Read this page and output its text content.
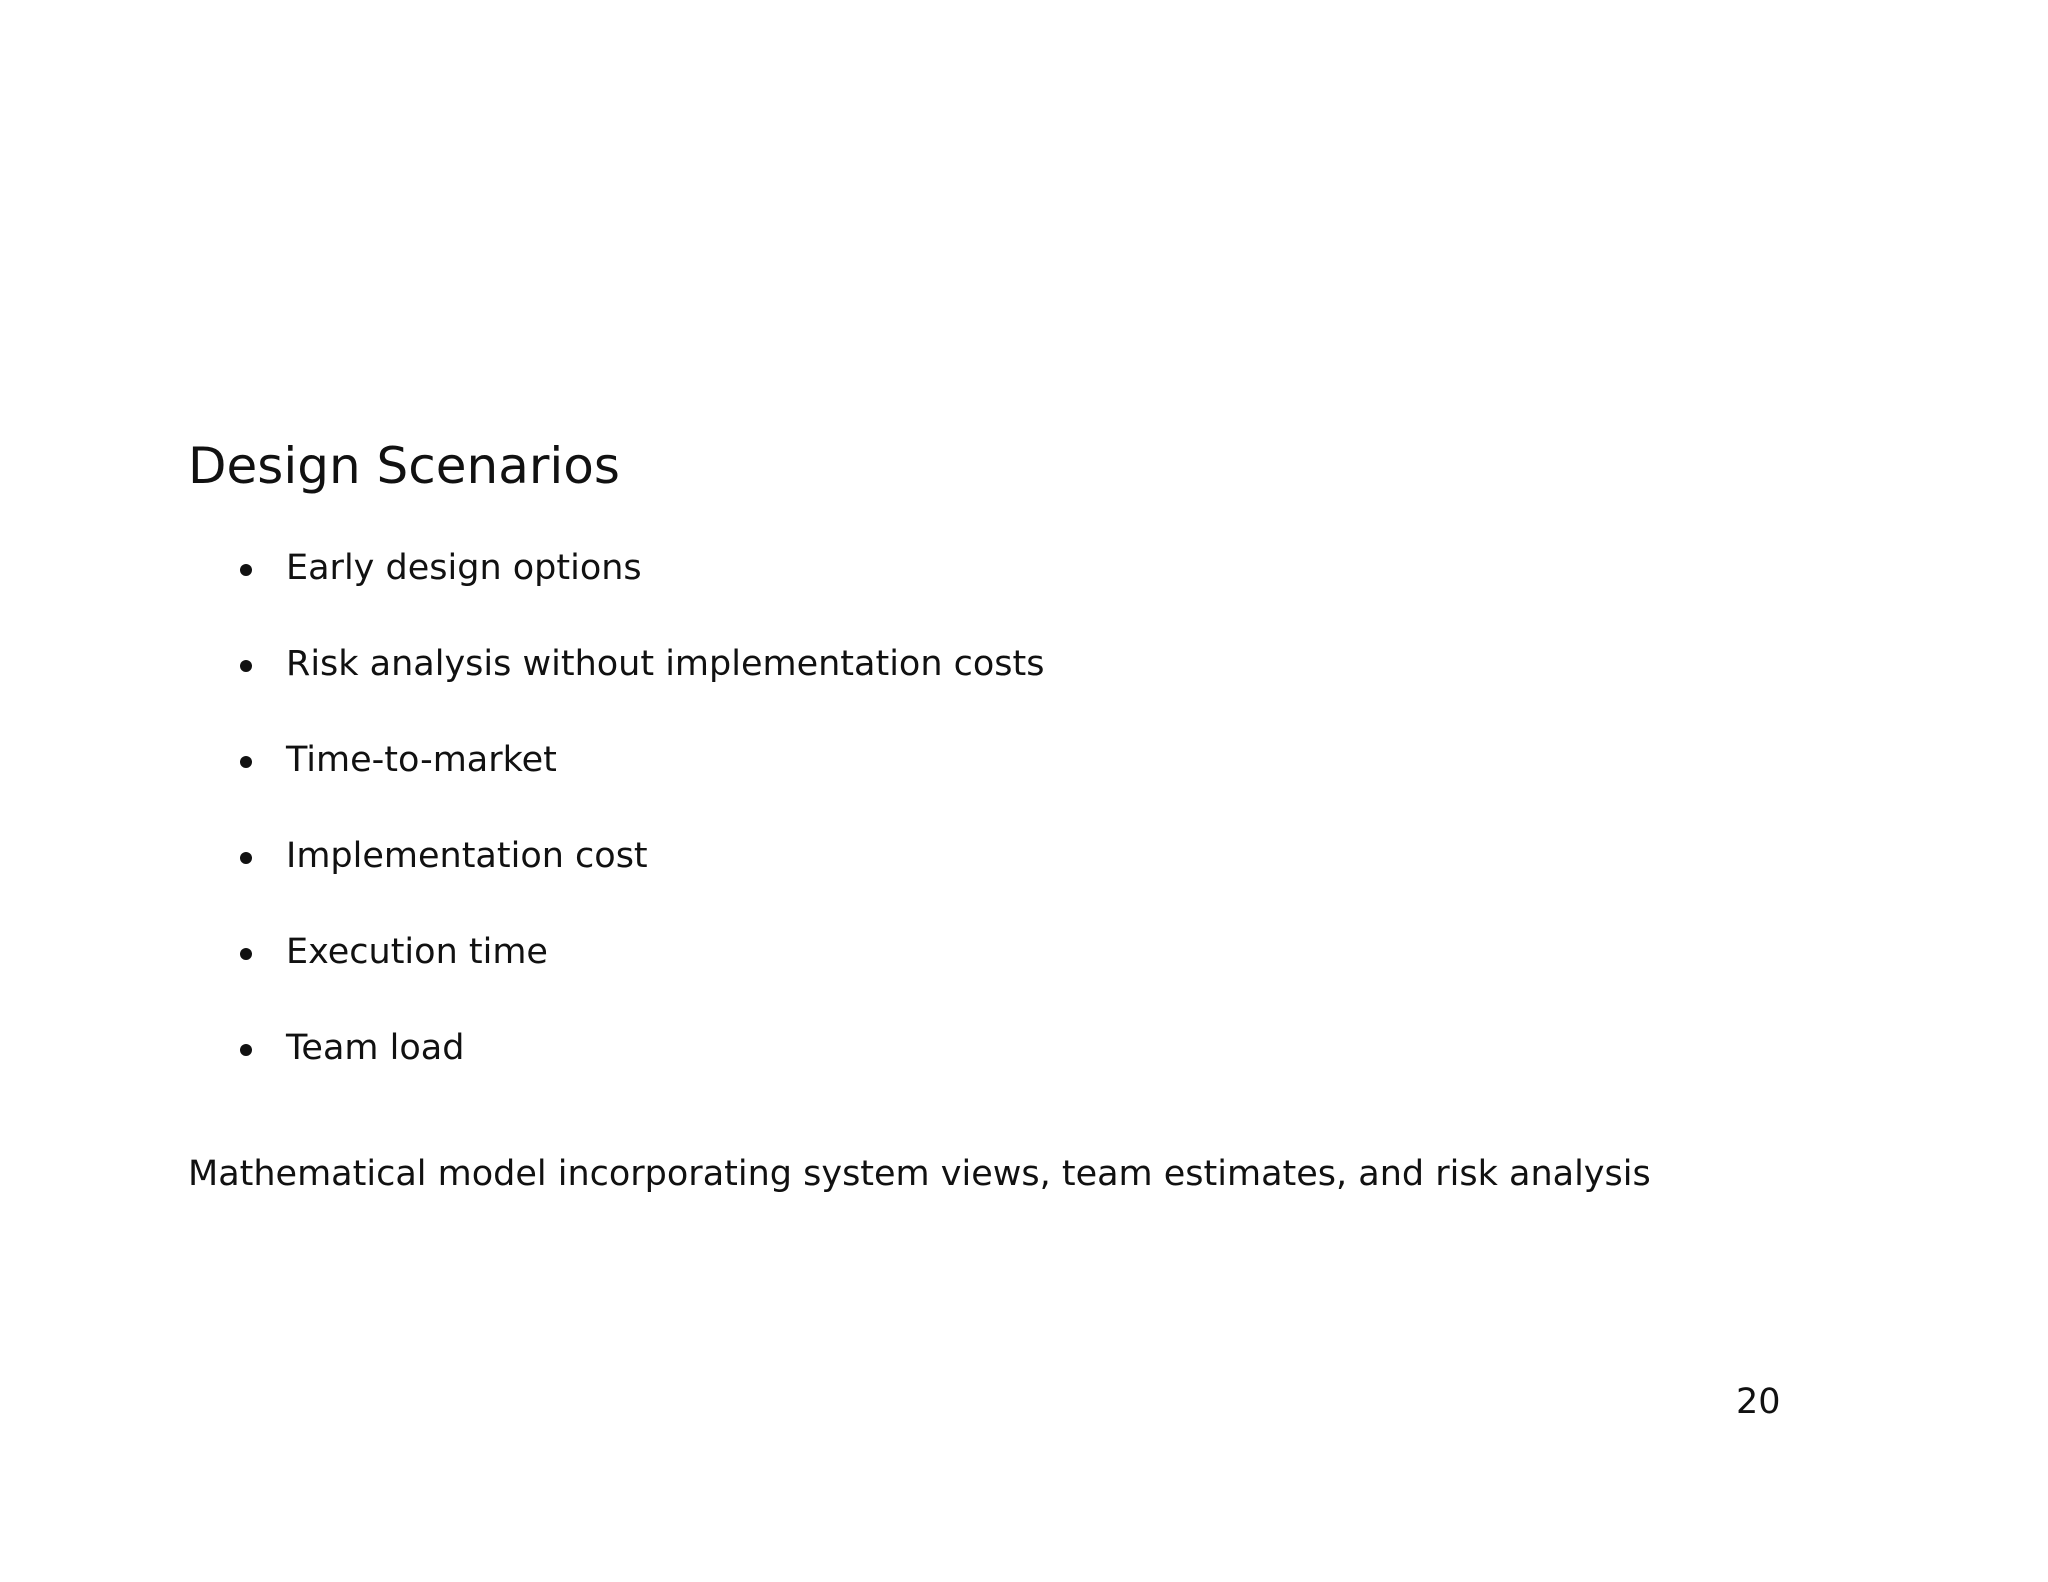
Design Scenarios
Early design options
Risk analysis without implementation costs
Time-to-market
Implementation cost
Execution time
Team load
Mathematical model incorporating system views, team estimates, and risk analysis
20
